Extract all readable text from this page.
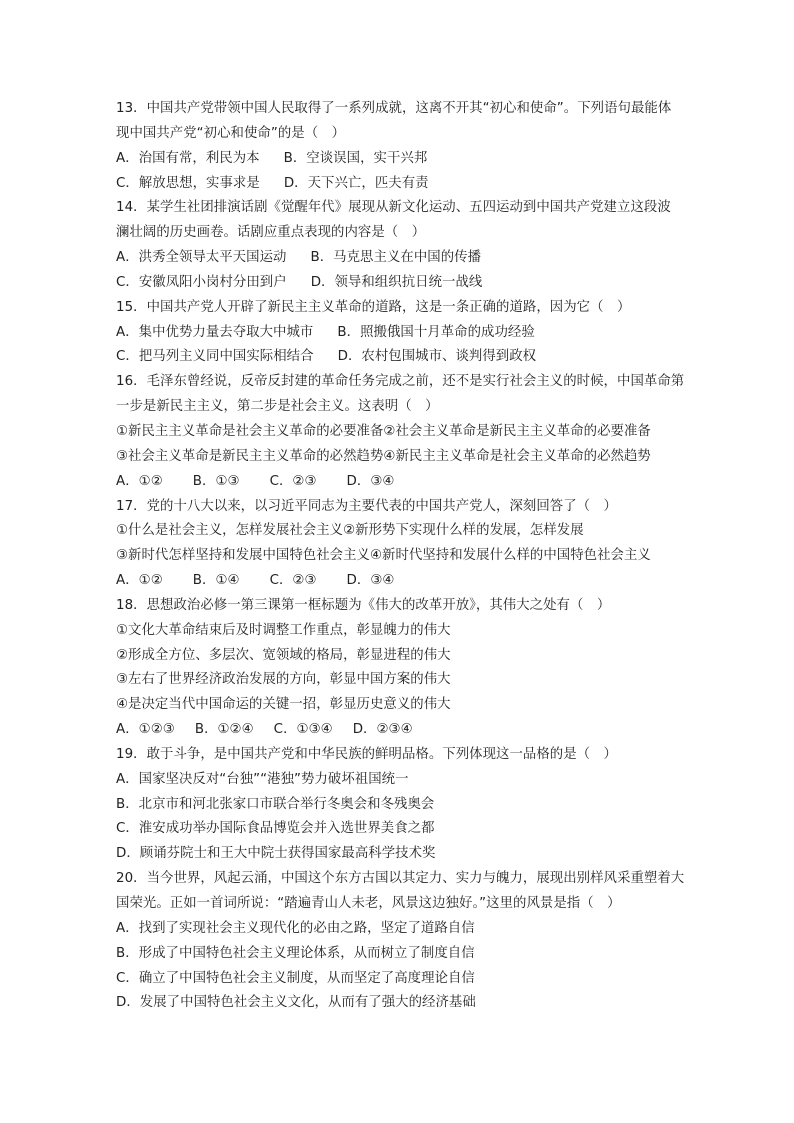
13．中国共产党带领中国人民取得了一系列成就，这离不开其“初心和使命”。下列语句最能体
现中国共产党“初心和使命”的是（　）
A．治国有常，利民为本 B．空谈误国，实干兴邦
C．解放思想，实事求是 D．天下兴亡，匹夫有责
14．某学生社团排演话剧《觉醒年代》展现从新文化运动、五四运动到中国共产党建立这段波
澜壮阔的历史画卷。话剧应重点表现的内容是（　）
A．洪秀全领导太平天国运动 B．马克思主义在中国的传播
C．安徽凤阳小岗村分田到户 D．领导和组织抗日统一战线
15．中国共产党人开辟了新民主主义革命的道路，这是一条正确的道路，因为它（　）
A．集中优势力量去夺取大中城市 B．照搬俄国十月革命的成功经验
C．把马列主义同中国实际相结合 D．农村包围城市、谈判得到政权
16．毛泽东曾经说，反帝反封建的革命任务完成之前，还不是实行社会主义的时候，中国革命第
一步是新民主主义，第二步是社会主义。这表明（　）
①新民主主义革命是社会主义革命的必要准备②社会主义革命是新民主主义革命的必要准备
③社会主义革命是新民主主义革命的必然趋势④新民主主义革命是社会主义革命的必然趋势
A．①② B．①③ C．②③ D．③④
17．党的十八大以来，以习近平同志为主要代表的中国共产党人，深刻回答了（　）
①什么是社会主义，怎样发展社会主义②新形势下实现什么样的发展，怎样发展
③新时代怎样坚持和发展中国特色社会主义④新时代坚持和发展什么样的中国特色社会主义
A．①② B．①④ C．②③ D．③④
18．思想政治必修一第三课第一框标题为《伟大的改革开放》，其伟大之处有（　）
①文化大革命结束后及时调整工作重点，彰显魄力的伟大
②形成全方位、多层次、宽领域的格局，彰显进程的伟大
③左右了世界经济政治发展的方向，彰显中国方案的伟大
④是决定当代中国命运的关键一招，彰显历史意义的伟大
A．①②③ B．①②④ C．①③④ D．②③④
19．敢于斗争，是中国共产党和中华民族的鲜明品格。下列体现这一品格的是（　）
A．国家坚决反对“台独”“港独”势力破坏祖国统一
B．北京市和河北张家口市联合举行冬奥会和冬残奥会
C．淮安成功举办国际食品博览会并入选世界美食之都
D．顾诵芬院士和王大中院士获得国家最高科学技术奖
20．当今世界，风起云涌，中国这个东方古国以其定力、实力与魄力，展现出别样风采重塑着大
国荣光。正如一首词所说：“踏遍青山人未老，风景这边独好。”这里的风景是指（　）
A．找到了实现社会主义现代化的必由之路，坚定了道路自信
B．形成了中国特色社会主义理论体系，从而树立了制度自信
C．确立了中国特色社会主义制度，从而坚定了高度理论自信
D．发展了中国特色社会主义文化，从而有了强大的经济基础
